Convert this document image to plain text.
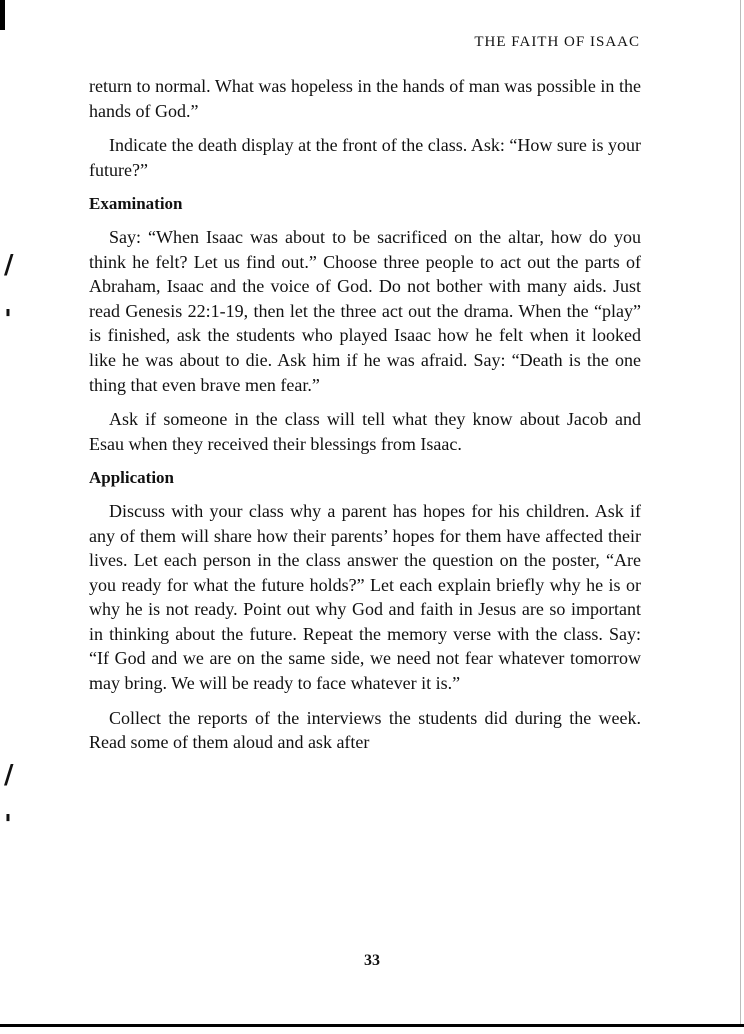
/
'
/
'
THE FAITH OF ISAAC

return to normal. What was hopeless in the hands of man was possible in the hands of God.”

Indicate the death display at the front of the class. Ask: “How sure is your future?”

Examination

Say: “When Isaac was about to be sacrificed on the altar, how do you think he felt? Let us find out.” Choose three people to act out the parts of Abraham, Isaac and the voice of God. Do not bother with many aids. Just read Genesis 22:1-19, then let the three act out the drama. When the “play” is finished, ask the students who played Isaac how he felt when it looked like he was about to die. Ask him if he was afraid. Say: “Death is the one thing that even brave men fear.”

Ask if someone in the class will tell what they know about Jacob and Esau when they received their blessings from Isaac.

Application

Discuss with your class why a parent has hopes for his children. Ask if any of them will share how their parents’ hopes for them have affected their lives. Let each person in the class answer the question on the poster, “Are you ready for what the future holds?” Let each explain briefly why he is or why he is not ready. Point out why God and faith in Jesus are so important in thinking about the future. Repeat the memory verse with the class. Say: “If God and we are on the same side, we need not fear whatever tomorrow may bring. We will be ready to face whatever it is.”

Collect the reports of the interviews the students did during the week. Read some of them aloud and ask after

33
